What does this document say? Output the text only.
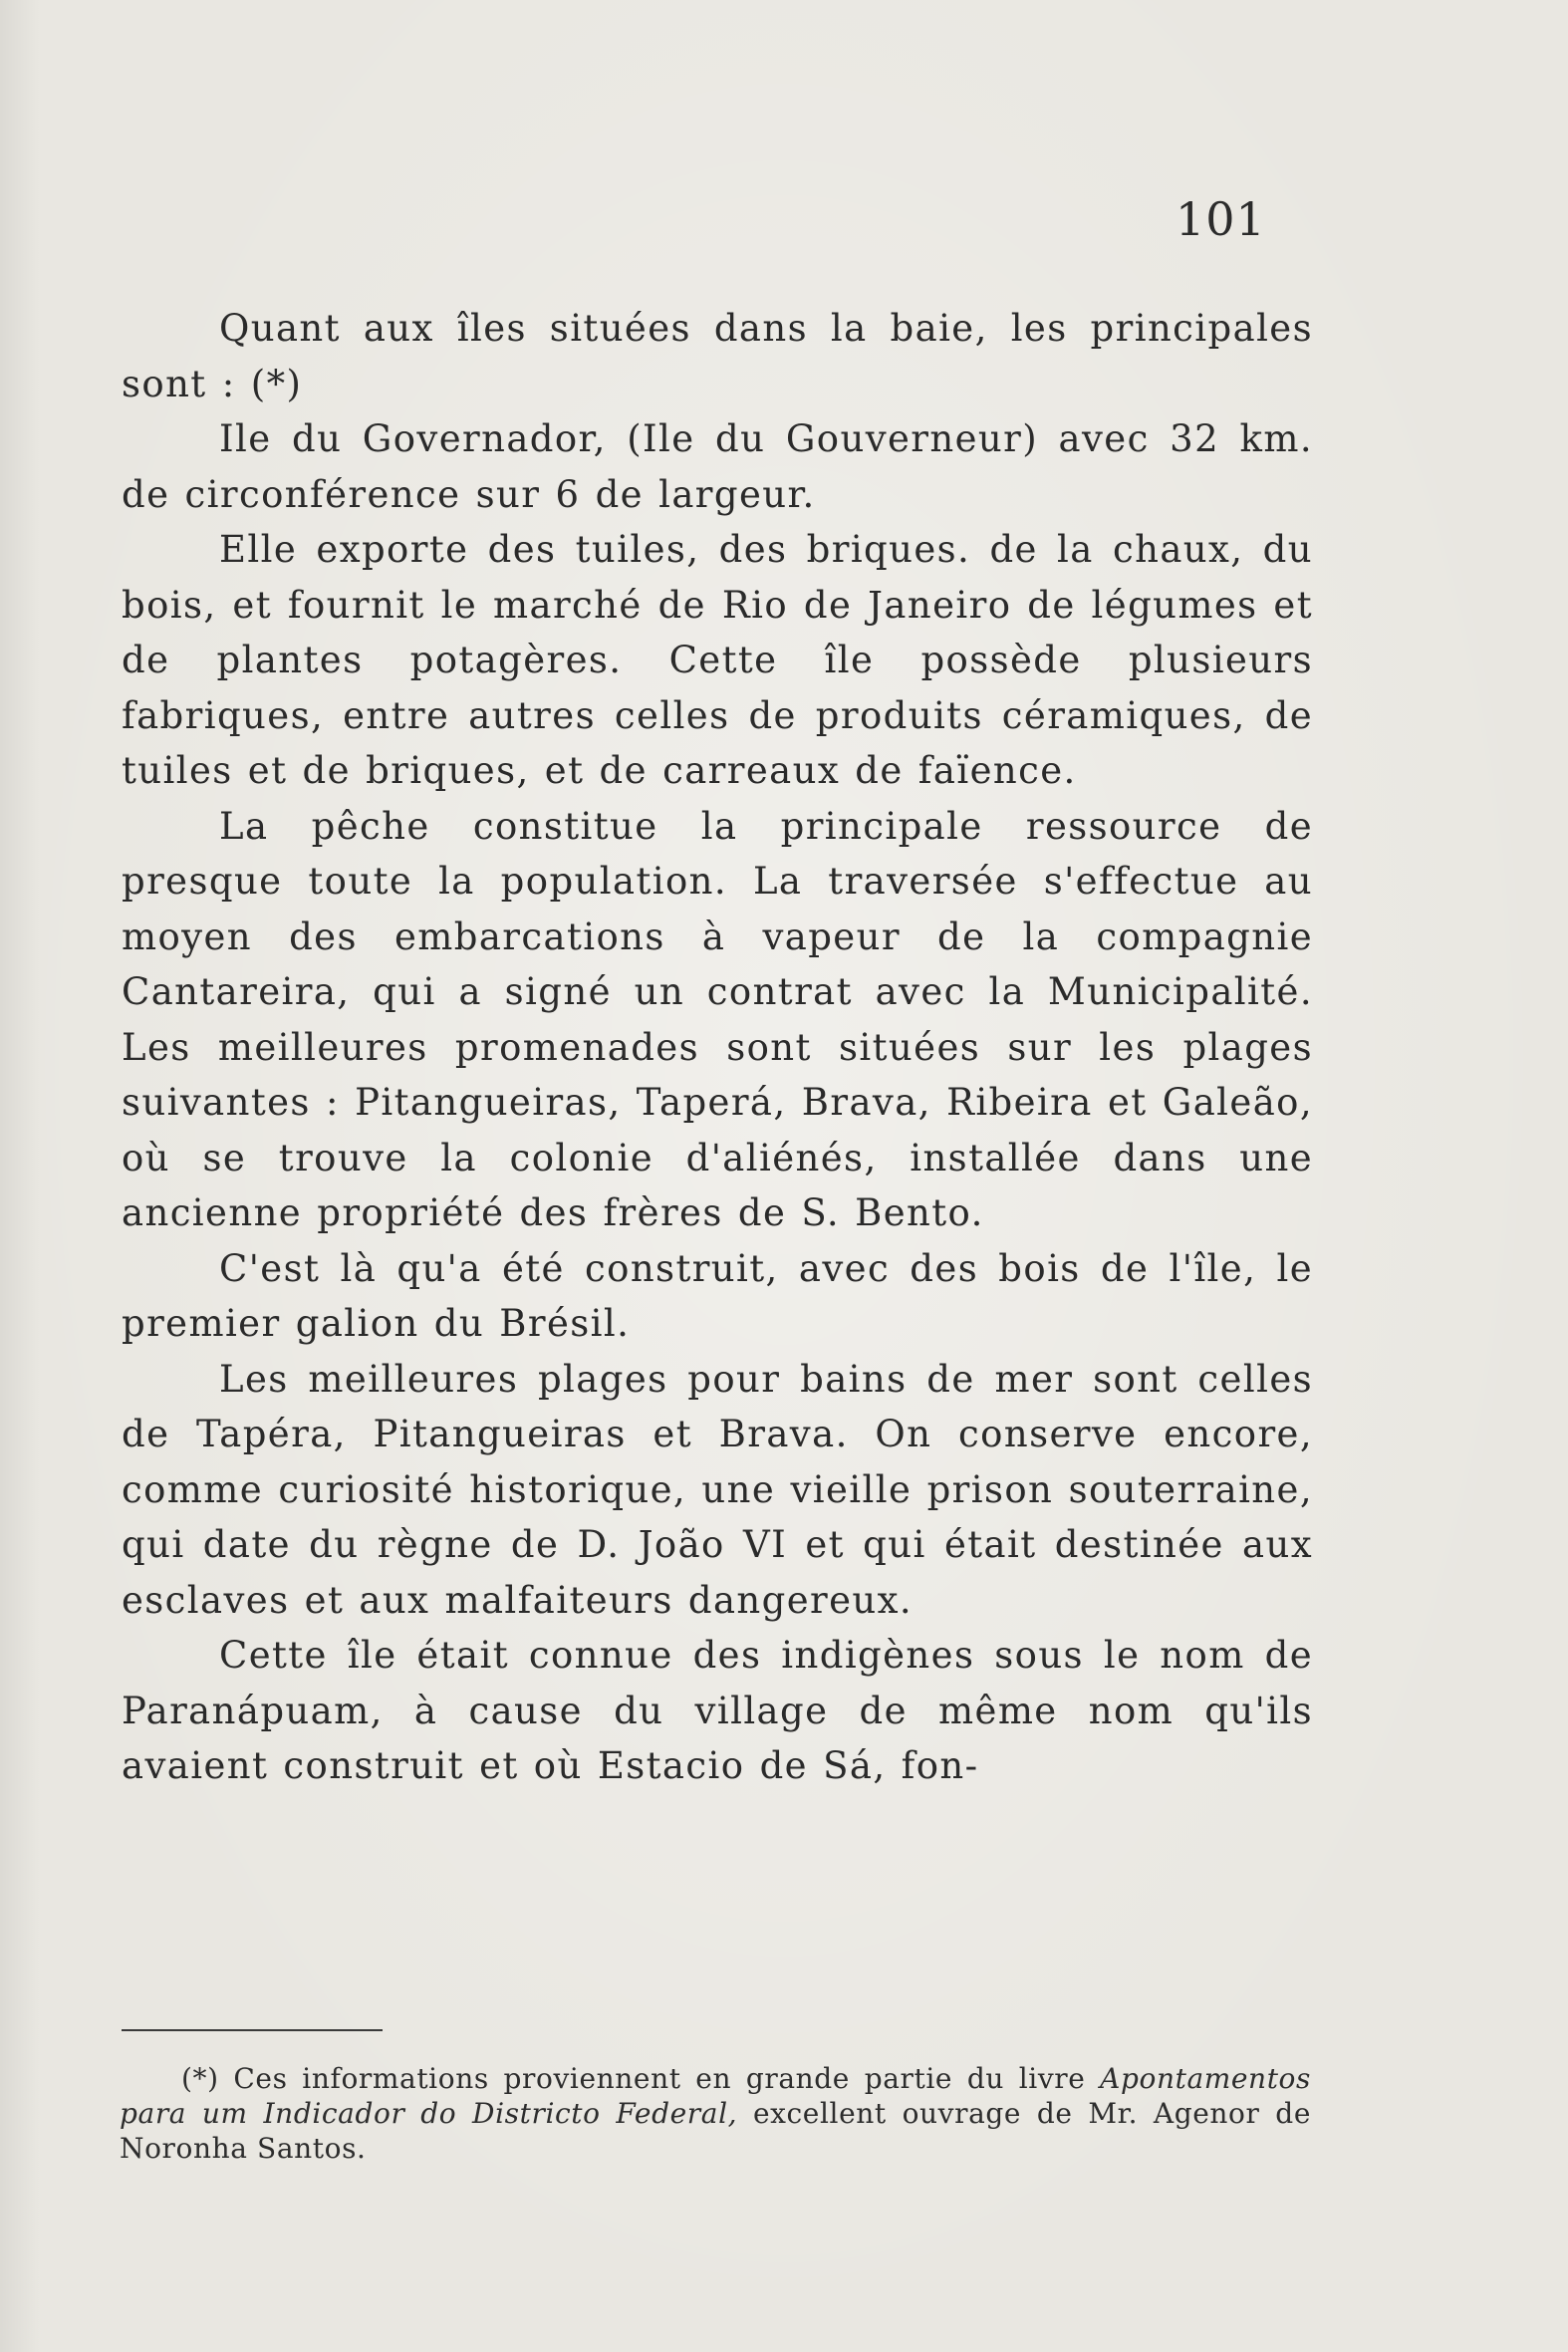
101

Quant aux îles situées dans la baie, les principales sont : (*)

Ile du Governador, (Ile du Gouverneur) avec 32 km. de circonférence sur 6 de largeur.

Elle exporte des tuiles, des briques. de la chaux, du bois, et fournit le marché de Rio de Janeiro de légumes et de plantes potagères. Cette île possède plusieurs fabriques, entre autres celles de produits céramiques, de tuiles et de briques, et de carreaux de faïence.

La pêche constitue la principale ressource de presque toute la population. La traversée s'effectue au moyen des embarcations à vapeur de la compagnie Cantareira, qui a signé un contrat avec la Municipalité. Les meilleures promenades sont situées sur les plages suivantes : Pitangueiras, Taperá, Brava, Ribeira et Galeão, où se trouve la colonie d'aliénés, installée dans une ancienne propriété des frères de S. Bento.

C'est là qu'a été construit, avec des bois de l'île, le premier galion du Brésil.

Les meilleures plages pour bains de mer sont celles de Tapéra, Pitangueiras et Brava. On conserve encore, comme curiosité historique, une vieille prison souterraine, qui date du règne de D. João VI et qui était destinée aux esclaves et aux malfaiteurs dangereux.

Cette île était connue des indigènes sous le nom de Paranápuam, à cause du village de même nom qu'ils avaient construit et où Estacio de Sá, fon-

(*) Ces informations proviennent en grande partie du livre Apontamentos para um Indicador do Districto Federal, excellent ouvrage de Mr. Agenor de Noronha Santos.
